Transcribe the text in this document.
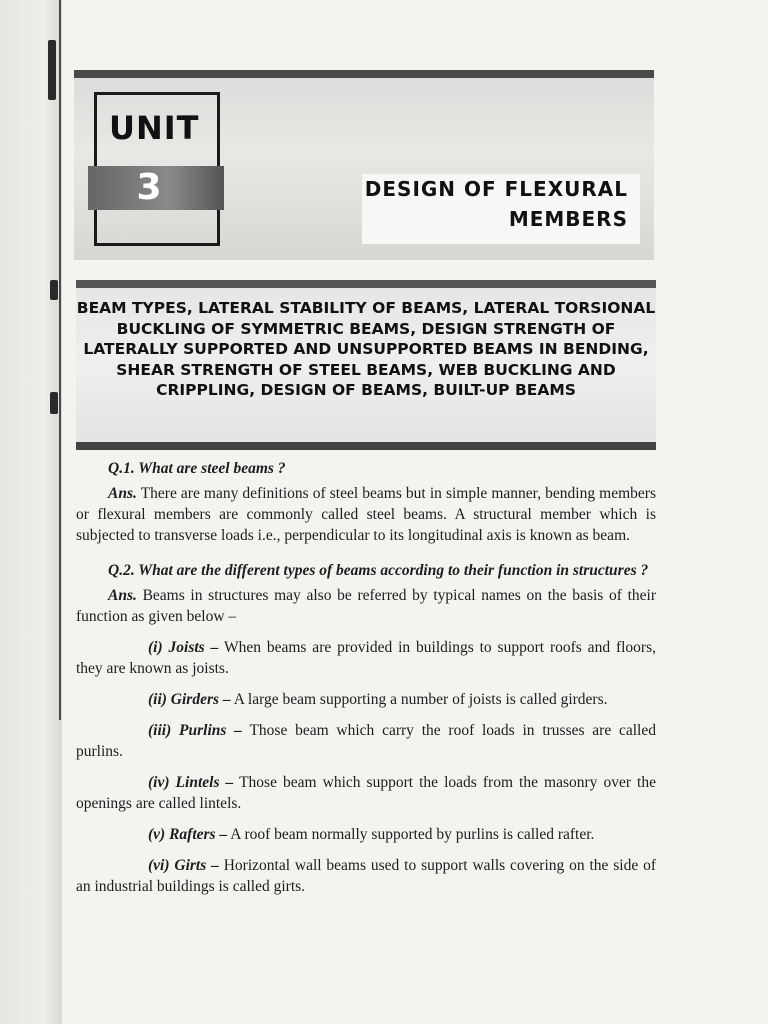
UNIT
3	DESIGN OF FLEXURAL
MEMBERS
BEAM TYPES, LATERAL STABILITY OF BEAMS, LATERAL TORSIONAL BUCKLING OF SYMMETRIC BEAMS, DESIGN STRENGTH OF LATERALLY SUPPORTED AND UNSUPPORTED BEAMS IN BENDING, SHEAR STRENGTH OF STEEL BEAMS, WEB BUCKLING AND CRIPPLING, DESIGN OF BEAMS, BUILT-UP BEAMS

Q.1. What are steel beams ?

Ans. There are many definitions of steel beams but in simple manner, bending members or flexural members are commonly called steel beams. A structural member which is subjected to transverse loads i.e., perpendicular to its longitudinal axis is known as beam.

Q.2. What are the different types of beams according to their function in structures ?

Ans. Beams in structures may also be referred by typical names on the basis of their function as given below –

(i) Joists – When beams are provided in buildings to support roofs and floors, they are known as joists.

(ii) Girders – A large beam supporting a number of joists is called girders.

(iii) Purlins – Those beam which carry the roof loads in trusses are called purlins.

(iv) Lintels – Those beam which support the loads from the masonry over the openings are called lintels.

(v) Rafters – A roof beam normally supported by purlins is called rafter.

(vi) Girts – Horizontal wall beams used to support walls covering on the side of an industrial buildings is called girts.
